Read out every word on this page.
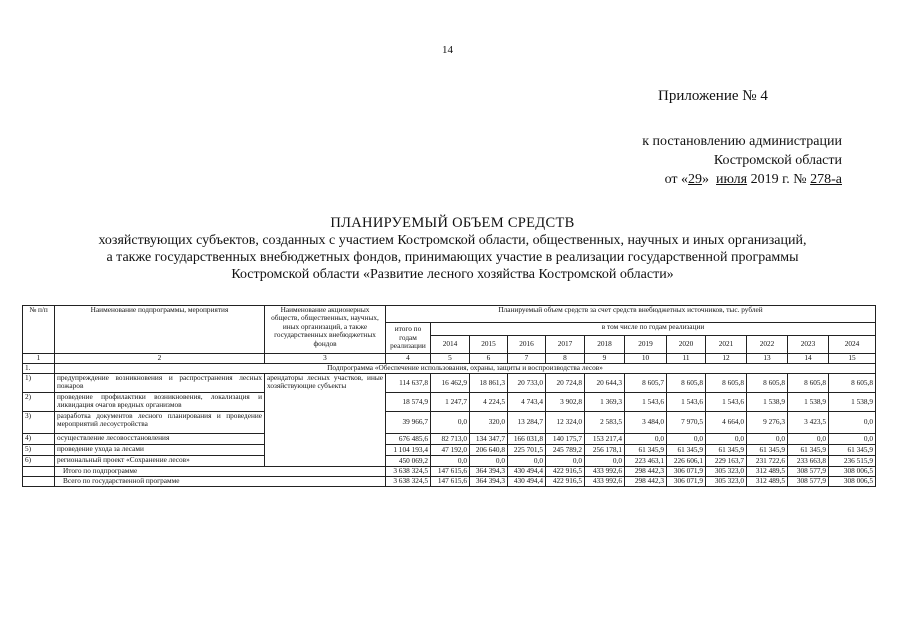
14
Приложение № 4
к постановлению администрации
Костромской области
от «29» июля 2019 г. № 278-а
ПЛАНИРУЕМЫЙ ОБЪЕМ СРЕДСТВ
хозяйствующих субъектов, созданных с участием Костромской области, общественных, научных и иных организаций,
а также государственных внебюджетных фондов, принимающих участие в реализации государственной программы
Костромской области «Развитие лесного хозяйства Костромской области»
№ п/п	Наименование подпрограммы, мероприятия	Наименование акционерных обществ, общественных, научных, иных организаций, а также государственных внебюджетных фондов	Планируемый объем средств за счет средств внебюджетных источников, тыс. рублей											
			итого по годам реализации	в том числе по годам реализации										
				2014	2015	2016	2017	2018	2019	2020	2021	2022	2023	2024
1	2	3	4	5	6	7	8	9	10	11	12	13	14	15
1.	Подпрограмма «Обеспечение использования, охраны, защиты и воспроизводства лесов»													
1)	предупреждение возникновения и распространения лесных пожаров	арендаторы лесных участков, иные хозяйствующие субъекты	114 637,8	16 462,9	18 861,3	20 733,0	20 724,8	20 644,3	8 605,7	8 605,8	8 605,8	8 605,8	8 605,8	8 605,8
2)	проведение профилактики возникновения, локализация и ликвидация очагов вредных организмов		18 574,9	1 247,7	4 224,5	4 743,4	3 902,8	1 369,3	1 543,6	1 543,6	1 543,6	1 538,9	1 538,9	1 538,9
3)	разработка документов лесного планирования и проведение мероприятий лесоустройства		39 966,7	0,0	320,0	13 284,7	12 324,0	2 583,5	3 484,0	7 970,5	4 664,0	9 276,3	3 423,5	0,0
4)	осуществление лесовосстановления		676 485,6	82 713,0	134 347,7	166 031,8	140 175,7	153 217,4	0,0	0,0	0,0	0,0	0,0	0,0
5)	проведение ухода за лесами		1 104 193,4	47 192,0	206 640,8	225 701,5	245 789,2	256 178,1	61 345,9	61 345,9	61 345,9	61 345,9	61 345,9	61 345,9
6)	региональный проект «Сохранение лесов»		450 069,2	0,0	0,0	0,0	0,0	0,0	223 463,1	226 606,1	229 163,7	231 722,6	233 663,8	236 515,9
	Итого по подпрограмме		3 638 324,5	147 615,6	364 394,3	430 494,4	422 916,5	433 992,6	298 442,3	306 071,9	305 323,0	312 489,5	308 577,9	308 006,5
	Всего по государственной программе		3 638 324,5	147 615,6	364 394,3	430 494,4	422 916,5	433 992,6	298 442,3	306 071,9	305 323,0	312 489,5	308 577,9	308 006,5
